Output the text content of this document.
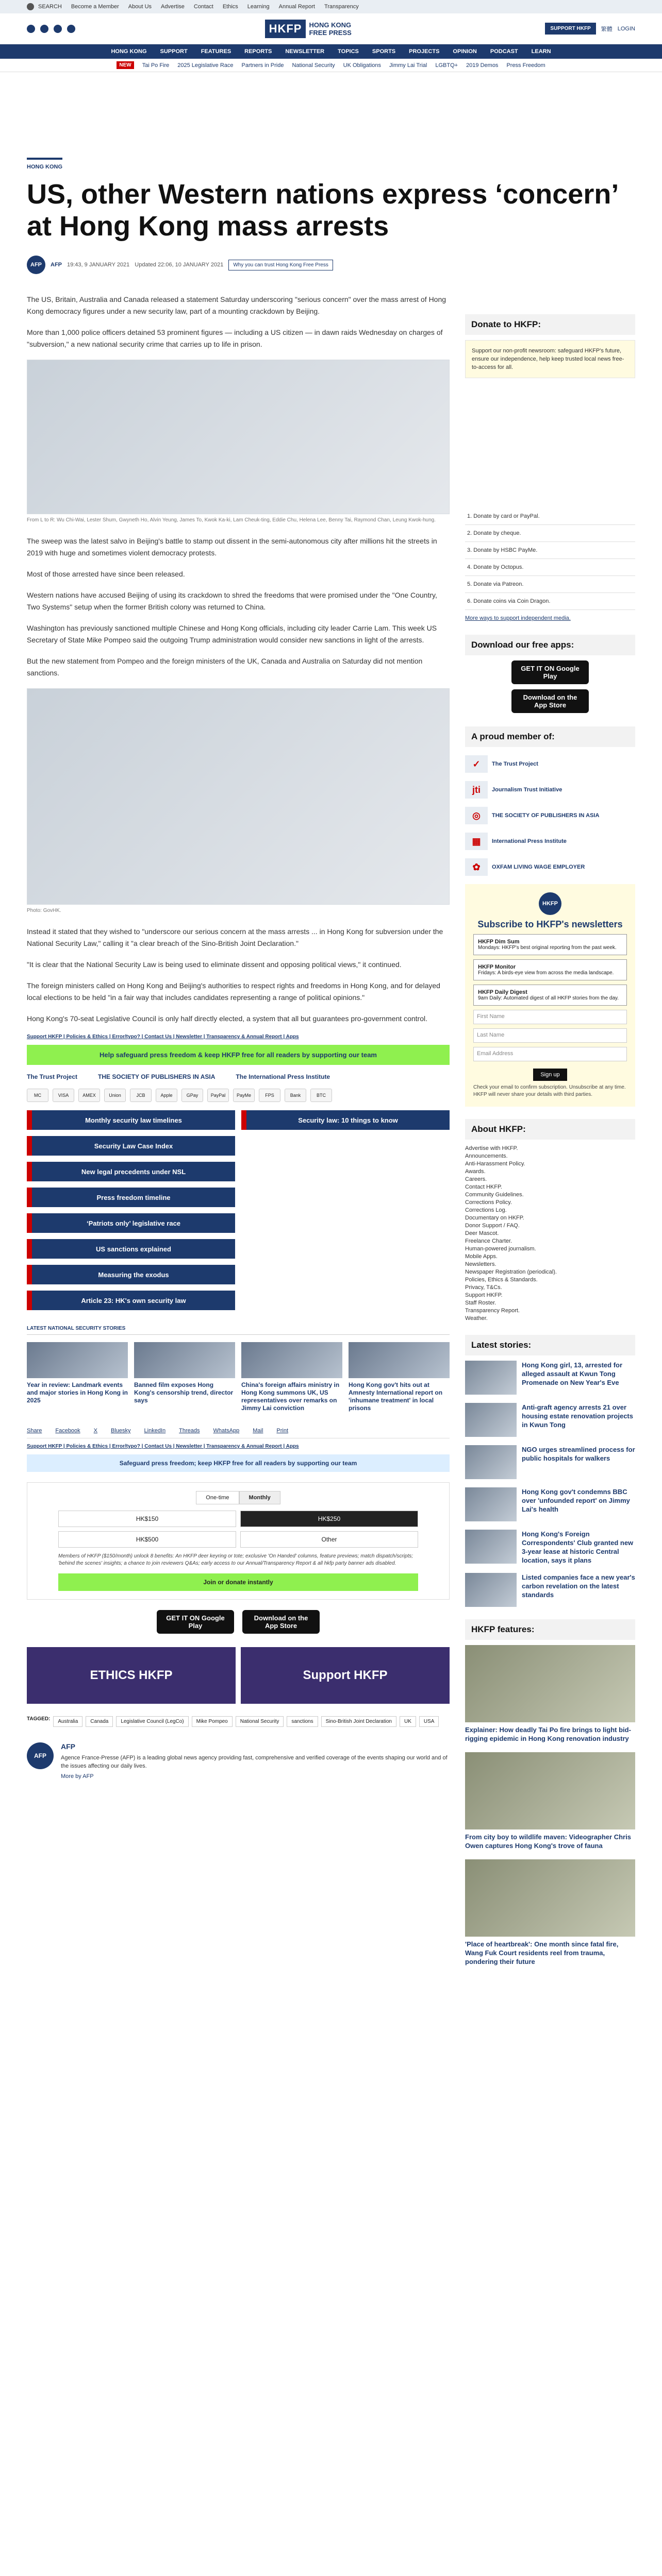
SEARCH Become a Member About Us Advertise Contact Ethics Learning Annual Report Transparency
HKFP	HONG KONG
FREE PRESS	SUPPORT HKFP	繁體 LOGIN
HONG KONG SUPPORT FEATURES REPORTS NEWSLETTER TOPICS SPORTS PROJECTS OPINION PODCAST LEARN
NEW	Tai Po Fire 2025 Legislative Race Partners in Pride National Security UK Obligations Jimmy Lai Trial LGBTQ+ 2019 Demos Press Freedom
HONG KONG
US, other Western nations express ‘concern’ at Hong Kong mass arrests
AFP	AFP 19:43, 9 JANUARY 2021 Updated 22:06, 10 JANUARY 2021	Why you can trust Hong Kong Free Press

The US, Britain, Australia and Canada released a statement Saturday underscoring "serious concern" over the mass arrest of Hong Kong democracy figures under a new security law, part of a mounting crackdown by Beijing.

More than 1,000 police officers detained 53 prominent figures — including a US citizen — in dawn raids Wednesday on charges of "subversion," a new national security crime that carries up to life in prison.

From L to R: Wu Chi-Wai, Lester Shum, Gwyneth Ho, Alvin Yeung, James To, Kwok Ka-ki, Lam Cheuk-ting, Eddie Chu, Helena Lee, Benny Tai, Raymond Chan, Leung Kwok-hung.

The sweep was the latest salvo in Beijing's battle to stamp out dissent in the semi-autonomous city after millions hit the streets in 2019 with huge and sometimes violent democracy protests.

Most of those arrested have since been released.

Western nations have accused Beijing of using its crackdown to shred the freedoms that were promised under the "One Country, Two Systems" setup when the former British colony was returned to China.

Washington has previously sanctioned multiple Chinese and Hong Kong officials, including city leader Carrie Lam. This week US Secretary of State Mike Pompeo said the outgoing Trump administration would consider new sanctions in light of the arrests.

But the new statement from Pompeo and the foreign ministers of the UK, Canada and Australia on Saturday did not mention sanctions.

Photo: GovHK.

Instead it stated that they wished to "underscore our serious concern at the mass arrests ... in Hong Kong for subversion under the National Security Law," calling it "a clear breach of the Sino-British Joint Declaration."

"It is clear that the National Security Law is being used to eliminate dissent and opposing political views," it continued.

The foreign ministers called on Hong Kong and Beijing's authorities to respect rights and freedoms in Hong Kong, and for delayed local elections to be held "in a fair way that includes candidates representing a range of political opinions."

Hong Kong's 70-seat Legislative Council is only half directly elected, a system that all but guarantees pro-government control.

Support HKFP | Policies & Ethics | Error/typo? | Contact Us | Newsletter | Transparency & Annual Report | Apps
Help safeguard press freedom & keep HKFP free for all readers by supporting our team
The Trust Project	THE SOCIETY OF PUBLISHERS IN ASIA	The International Press Institute
MC	VISA	AMEX	Union	JCB	Apple	GPay	PayPal	PayMe	FPS	Bank	BTC
Monthly security law timelines	Security law: 10 things to know
Security Law Case Index
New legal precedents under NSL
Press freedom timeline
‘Patriots only’ legislative race
US sanctions explained
Measuring the exodus
Article 23: HK's own security law
LATEST NATIONAL SECURITY STORIES
Year in review: Landmark events and major stories in Hong Kong in 2025
Banned film exposes Hong Kong's censorship trend, director says
China's foreign affairs ministry in Hong Kong summons UK, US representatives over remarks on Jimmy Lai conviction
Hong Kong gov't hits out at Amnesty International report on 'inhumane treatment' in local prisons
Share Facebook X Bluesky LinkedIn Threads WhatsApp Mail Print
Support HKFP | Policies & Ethics | Error/typo? | Contact Us | Newsletter | Transparency & Annual Report | Apps
Safeguard press freedom; keep HKFP free for all readers by supporting our team
One-time	Monthly
HK$150	HK$250
HK$500	Other

Members of HKFP ($150/month) unlock 8 benefits: An HKFP deer keyring or tote; exclusive 'On Handed' columns, feature previews; match dispatch/scripts; 'behind the scenes' insights; a chance to join reviewers Q&As; early access to our Annual/Transparency Report & all hkfp party banner ads disabled.

Join or donate instantly
GET IT ON Google Play
Download on the App Store
ETHICS HKFP	Support HKFP
TAGGED:	Australia	Canada	Legislative Council (LegCo)	Mike Pompeo	National Security	sanctions	Sino-British Joint Declaration	UK	USA
AFP
AFP

Agence France-Presse (AFP) is a leading global news agency providing fast, comprehensive and verified coverage of the events shaping our world and of the issues affecting our daily lives.

More by AFP

Donate to HKFP:

Support our non-profit newsroom: safeguard HKFP's future, ensure our independence, help keep trusted local news free-to-access for all.

1. Donate by card or PayPal.
2. Donate by cheque.
3. Donate by HSBC PayMe.
4. Donate by Octopus.
5. Donate via Patreon.
6. Donate coins via Coin Dragon.

More ways to support independent media.

Download our free apps:
GET IT ON Google Play
Download on the App Store
A proud member of:
✓	The Trust Project
jti	Journalism Trust Initiative
◎	THE SOCIETY OF PUBLISHERS IN ASIA
▦	International Press Institute
✿	OXFAM LIVING WAGE EMPLOYER
HKFP
Subscribe to HKFP's newsletters
HKFP Dim Sum
Mondays: HKFP's best original reporting from the past week.
HKFP Monitor
Fridays: A birds-eye view from across the media landscape.
HKFP Daily Digest
9am Daily: Automated digest of all HKFP stories from the day.
First Name
Last Name
Email Address
Sign up

Check your email to confirm subscription. Unsubscribe at any time. HKFP will never share your details with third parties.

About HKFP:
Advertise with HKFP.
Announcements.
Anti-Harassment Policy.
Awards.
Careers.
Contact HKFP.
Community Guidelines.
Corrections Policy.
Corrections Log.
Documentary on HKFP.
Donor Support / FAQ.
Deer Mascot.
Freelance Charter.
Human-powered journalism.
Mobile Apps.
Newsletters.
Newspaper Registration (periodical).
Policies, Ethics & Standards.
Privacy, T&Cs.
Support HKFP.
Staff Roster.
Transparency Report.
Weather.
Latest stories:
Hong Kong girl, 13, arrested for alleged assault at Kwun Tong Promenade on New Year's Eve
Anti-graft agency arrests 21 over housing estate renovation projects in Kwun Tong
NGO urges streamlined process for public hospitals for walkers
Hong Kong gov't condemns BBC over 'unfounded report' on Jimmy Lai's health
Hong Kong's Foreign Correspondents' Club granted new 3-year lease at historic Central location, says it plans
Listed companies face a new year's carbon revelation on the latest standards
HKFP features:
Explainer: How deadly Tai Po fire brings to light bid-rigging epidemic in Hong Kong renovation industry
From city boy to wildlife maven: Videographer Chris Owen captures Hong Kong's trove of fauna
'Place of heartbreak': One month since fatal fire, Wang Fuk Court residents reel from trauma, pondering their future
